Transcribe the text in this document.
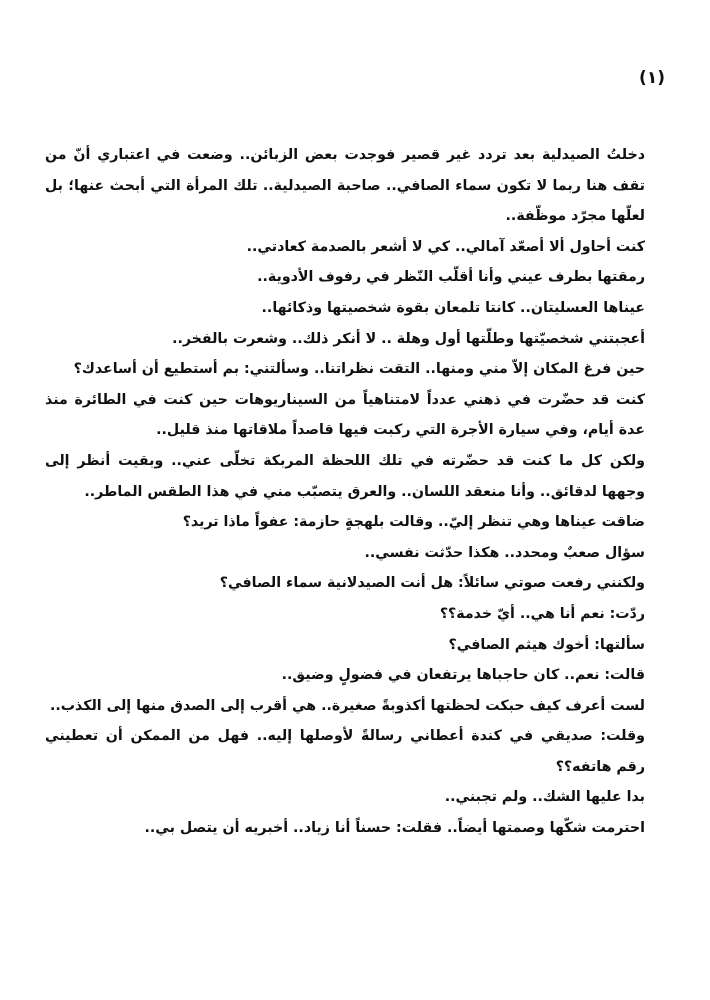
(١)

دخلتُ الصيدلية بعد تردد غير قصير فوجدت بعض الزبائن.. وضعت في اعتباري أنّ من تقف هنا ربما لا تكون سماء الصافي.. صاحبة الصيدلية.. تلك المرأة التي أبحث عنها؛ بل لعلّها مجرّد موظّفة..

كنت أحاول ألا أصعّد آمالي.. كي لا أشعر بالصدمة كعادتي..

رمقتها بطرف عيني وأنا أقلّب النّظر في رفوف الأدوية..

عيناها العسليتان.. كانتا تلمعان بقوة شخصيتها وذكائها..

أعجبتني شخصيّتها وطلّتها أول وهلة .. لا أنكر ذلك.. وشعرت بالفخر..

حين فرغ المكان إلاّ مني ومنها.. التقت نظراتنا.. وسألتني: بم أستطيع أن أساعدك؟

كنت قد حضّرت في ذهني عدداً لامتناهياً من السيناريوهات حين كنت في الطائرة منذ عدة أيام، وفي سيارة الأجرة التي ركبت فيها قاصداً ملاقاتها منذ قليل..

ولكن كل ما كنت قد حضّرته في تلك اللحظة المربكة تخلّى عني.. وبقيت أنظر إلى وجهها لدقائق.. وأنا منعقد اللسان.. والعرق يتصبّب مني في هذا الطقس الماطر..

ضاقت عيناها وهي تنظر إليّ.. وقالت بلهجةٍ حازمة: عفواً ماذا تريد؟

سؤال صعبٌ ومحدد.. هكذا حدّثت نفسي..

ولكنني رفعت صوتي سائلاً: هل أنت الصيدلانية سماء الصافي؟

ردّت: نعم أنا هي.. أيّ خدمة؟؟

سألتها: أخوك هيثم الصافي؟

قالت: نعم.. كان حاجباها يرتفعان في فضولٍ وضيق..

لست أعرف كيف حبكت لحظتها أكذوبةً صغيرة.. هي أقرب إلى الصدق منها إلى الكذب..

وقلت: صديقي في كندة أعطاني رسالةً لأوصلها إليه.. فهل من الممكن أن تعطيني رقم هاتفه؟؟

بدا عليها الشك.. ولم تجبني..

احترمت شكّها وصمتها أيضاً.. فقلت: حسناً أنا زياد.. أخبريه أن يتصل بي..
